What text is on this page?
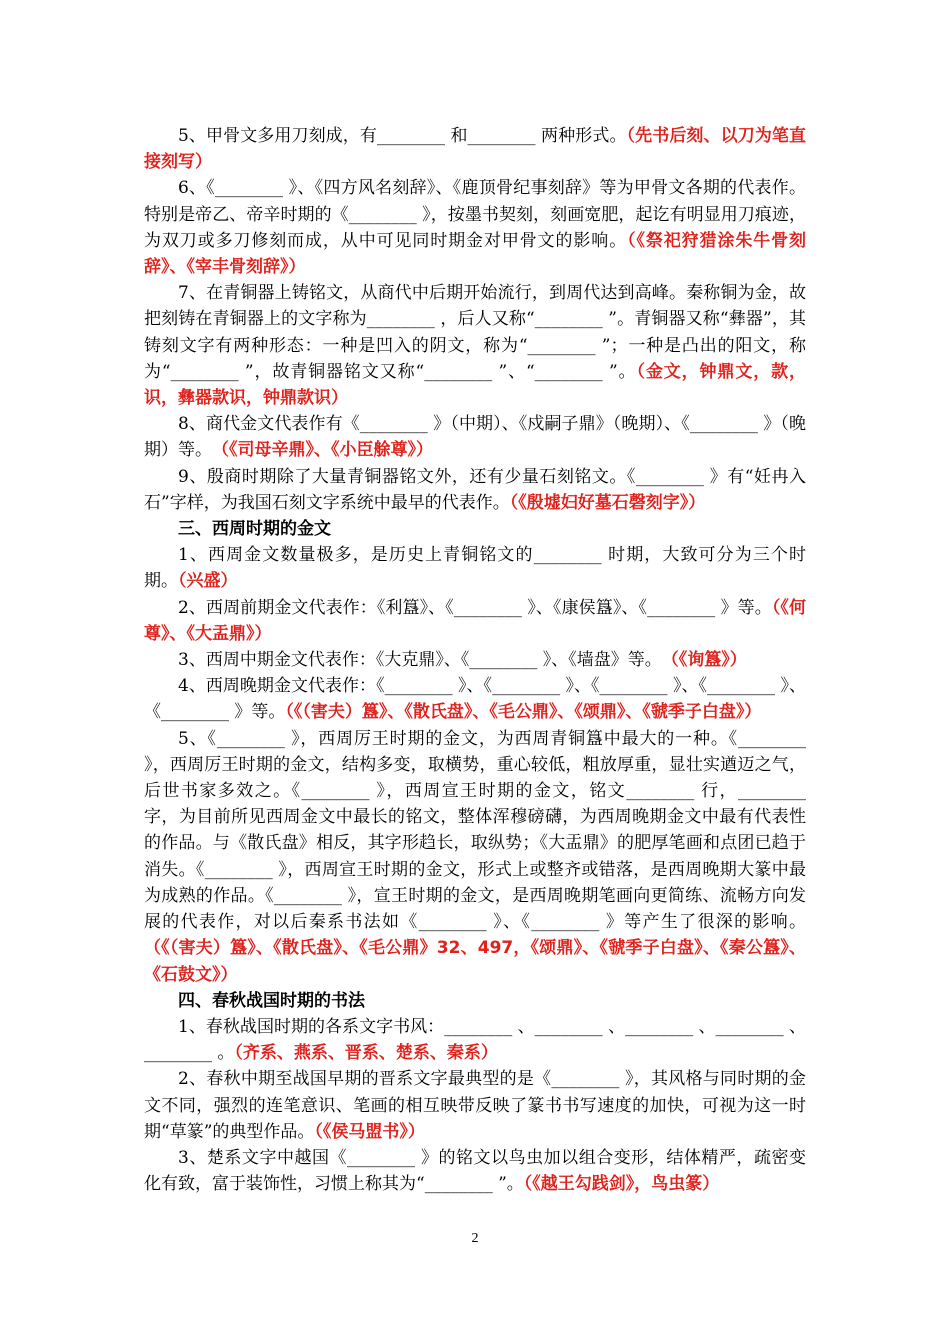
5、甲骨文多用刀刻成，有________ 和________ 两种形式。（先书后刻、以刀为笔直接刻写）

6、《________ 》、《四方风名刻辞》、《鹿顶骨纪事刻辞》等为甲骨文各期的代表作。特别是帝乙、帝辛时期的《________ 》，按墨书契刻，刻画宽肥，起讫有明显用刀痕迹，为双刀或多刀修刻而成，从中可见同时期金对甲骨文的影响。（《祭祀狩猎涂朱牛骨刻辞》、《宰丰骨刻辞》）

7、在青铜器上铸铭文，从商代中后期开始流行，到周代达到高峰。秦称铜为金，故把刻铸在青铜器上的文字称为________ ，后人又称“________ ”。青铜器又称“彝器”，其铸刻文字有两种形态：一种是凹入的阴文，称为“________ ”；一种是凸出的阳文，称为“________ ”，故青铜器铭文又称“________ ”、“________ ”。（金文，钟鼎文，款，识，彝器款识，钟鼎款识）

8、商代金文代表作有《________ 》（中期）、《戍嗣子鼎》（晚期）、《________ 》（晚期）等。　（《司母辛鼎》、《小臣艅尊》）

9、殷商时期除了大量青铜器铭文外，还有少量石刻铭文。《________ 》有“妊冉入石”字样，为我国石刻文字系统中最早的代表作。（《殷墟妇好墓石磬刻字》）

三、西周时期的金文

1、西周金文数量极多，是历史上青铜铭文的________ 时期，大致可分为三个时期。（兴盛）

2、西周前期金文代表作：《利簋》、《________ 》、《康侯簋》、《________ 》等。（《何尊》、《大盂鼎》）

3、西周中期金文代表作：《大克鼎》、《________ 》、《墙盘》等。　（《询簋》）

4、西周晚期金文代表作：《________ 》、《________ 》、《________ 》、《________ 》、《________ 》等。（《（害夫）簋》、《散氏盘》、《毛公鼎》、《颂鼎》、《虢季子白盘》）

5、《________ 》，西周厉王时期的金文，为西周青铜簋中最大的一种。《________ 》，西周厉王时期的金文，结构多变，取横势，重心较低，粗放厚重，显壮实遒迈之气，后世书家多效之。《________ 》，西周宣王时期的金文，铭文________ 行，________ 字，为目前所见西周金文中最长的铭文，整体浑穆磅礴，为西周晚期金文中最有代表性的作品。与《散氏盘》相反，其字形趋长，取纵势；《大盂鼎》的肥厚笔画和点团已趋于消失。《________ 》，西周宣王时期的金文，形式上或整齐或错落，是西周晚期大篆中最为成熟的作品。《________ 》，宣王时期的金文，是西周晚期笔画向更简练、流畅方向发展的代表作，对以后秦系书法如《________ 》、《________ 》等产生了很深的影响。（《（害夫）簋》、《散氏盘》、《毛公鼎》32、497，《颂鼎》、《虢季子白盘》、《秦公簋》、《石鼓文》）

四、春秋战国时期的书法

1、春秋战国时期的各系文字书风：________ 、________ 、________ 、________ 、________ 。（齐系、燕系、晋系、楚系、秦系）

2、春秋中期至战国早期的晋系文字最典型的是《________ 》，其风格与同时期的金文不同，强烈的连笔意识、笔画的相互映带反映了篆书书写速度的加快，可视为这一时期“草篆”的典型作品。（《侯马盟书》）

3、楚系文字中越国《________ 》的铭文以鸟虫加以组合变形，结体精严，疏密变化有致，富于装饰性，习惯上称其为“________ ”。（《越王勾践剑》，鸟虫篆）

2
